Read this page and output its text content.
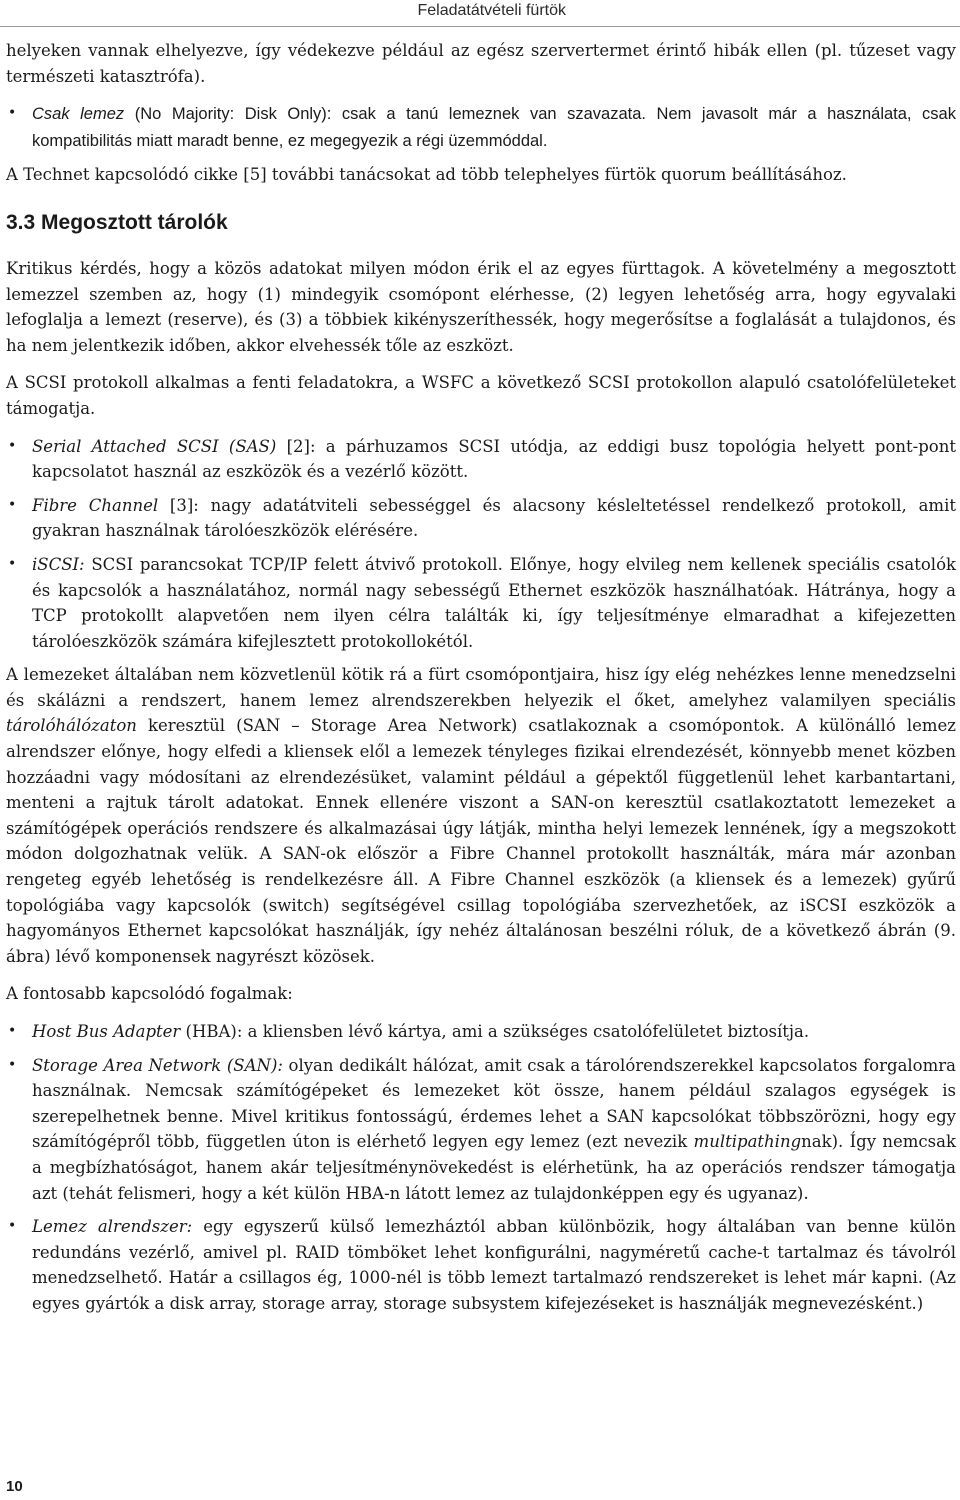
Feladatátvételi fürtök

helyeken vannak elhelyezve, így védekezve például az egész szervertermet érintő hibák ellen (pl. tűzeset vagy természeti katasztrófa).

• Csak lemez (No Majority: Disk Only): csak a tanú lemeznek van szavazata. Nem javasolt már a használata, csak kompatibilitás miatt maradt benne, ez megegyezik a régi üzemmóddal.

A Technet kapcsolódó cikke [5] további tanácsokat ad több telephelyes fürtök quorum beállításához.

3.3 Megosztott tárolók

Kritikus kérdés, hogy a közös adatokat milyen módon érik el az egyes fürttagok. A követelmény a megosztott lemezzel szemben az, hogy (1) mindegyik csomópont elérhesse, (2) legyen lehetőség arra, hogy egyvalaki lefoglalja a lemezt (reserve), és (3) a többiek kikényszeríthessék, hogy megerősítse a foglalását a tulajdonos, és ha nem jelentkezik időben, akkor elvehessék tőle az eszközt.

A SCSI protokoll alkalmas a fenti feladatokra, a WSFC a következő SCSI protokollon alapuló csatolófelületeket támogatja.

• Serial Attached SCSI (SAS) [2]: a párhuzamos SCSI utódja, az eddigi busz topológia helyett pont-pont kapcsolatot használ az eszközök és a vezérlő között.
• Fibre Channel [3]: nagy adatátviteli sebességgel és alacsony késleltetéssel rendelkező protokoll, amit gyakran használnak tárolóeszközök elérésére.
• iSCSI: SCSI parancsokat TCP/IP felett átvivő protokoll. Előnye, hogy elvileg nem kellenek speciális csatolók és kapcsolók a használatához, normál nagy sebességű Ethernet eszközök használhatóak. Hátránya, hogy a TCP protokollt alapvetően nem ilyen célra találták ki, így teljesítménye elmaradhat a kifejezetten tárolóeszközök számára kifejlesztett protokollokétól.

A lemezeket általában nem közvetlenül kötik rá a fürt csomópontjaira, hisz így elég nehézkes lenne menedzselni és skálázni a rendszert, hanem lemez alrendszerekben helyezik el őket, amelyhez valamilyen speciális tárolóhálózaton keresztül (SAN – Storage Area Network) csatlakoznak a csomópontok. A különálló lemez alrendszer előnye, hogy elfedi a kliensek elől a lemezek tényleges fizikai elrendezését, könnyebb menet közben hozzáadni vagy módosítani az elrendezésüket, valamint például a gépektől függetlenül lehet karbantartani, menteni a rajtuk tárolt adatokat. Ennek ellenére viszont a SAN-on keresztül csatlakoztatott lemezeket a számítógépek operációs rendszere és alkalmazásai úgy látják, mintha helyi lemezek lennének, így a megszokott módon dolgozhatnak velük. A SAN-ok először a Fibre Channel protokollt használták, mára már azonban rengeteg egyéb lehetőség is rendelkezésre áll. A Fibre Channel eszközök (a kliensek és a lemezek) gyűrű topológiába vagy kapcsolók (switch) segítségével csillag topológiába szervezhetőek, az iSCSI eszközök a hagyományos Ethernet kapcsolókat használják, így nehéz általánosan beszélni róluk, de a következő ábrán (9. ábra) lévő komponensek nagyrészt közösek.

A fontosabb kapcsolódó fogalmak:

• Host Bus Adapter (HBA): a kliensben lévő kártya, ami a szükséges csatolófelületet biztosítja.
• Storage Area Network (SAN): olyan dedikált hálózat, amit csak a tárolórendszerekkel kapcsolatos forgalomra használnak. Nemcsak számítógépeket és lemezeket köt össze, hanem például szalagos egységek is szerepelhetnek benne. Mivel kritikus fontosságú, érdemes lehet a SAN kapcsolókat többszörözni, hogy egy számítógépről több, független úton is elérhető legyen egy lemez (ezt nevezik multipathingnak). Így nemcsak a megbízhatóságot, hanem akár teljesítménynövekedést is elérhetünk, ha az operációs rendszer támogatja azt (tehát felismeri, hogy a két külön HBA-n látott lemez az tulajdonképpen egy és ugyanaz).
• Lemez alrendszer: egy egyszerű külső lemezháztól abban különbözik, hogy általában van benne külön redundáns vezérlő, amivel pl. RAID tömböket lehet konfigurálni, nagyméretű cache-t tartalmaz és távolról menedzselhető. Határ a csillagos ég, 1000-nél is több lemezt tartalmazó rendszereket is lehet már kapni. (Az egyes gyártók a disk array, storage array, storage subsystem kifejezéseket is használják megnevezésként.)
10
